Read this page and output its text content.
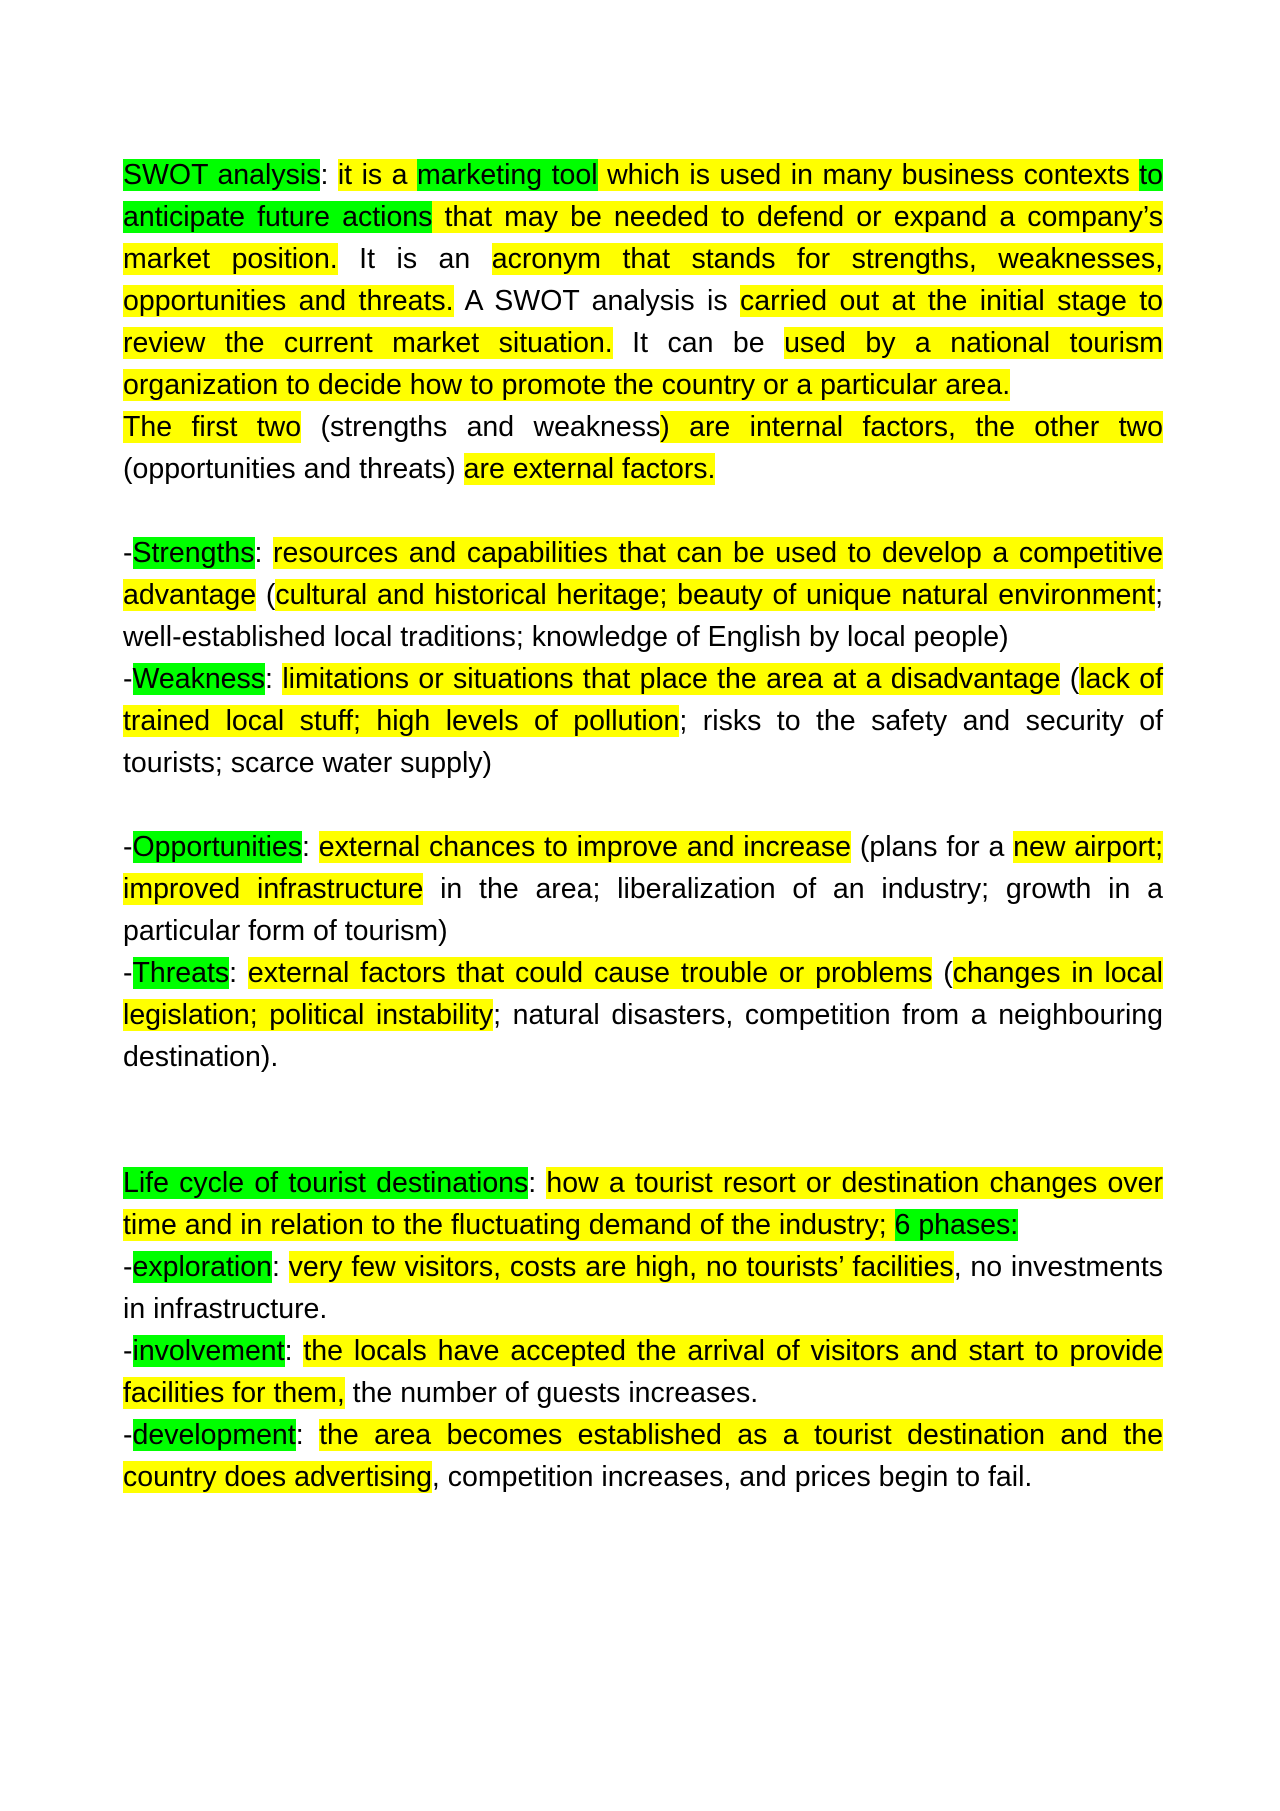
SWOT analysis: it is a marketing tool which is used in many business contexts to anticipate future actions that may be needed to defend or expand a company’s market position. It is an acronym that stands for strengths, weaknesses, opportunities and threats. A SWOT analysis is carried out at the initial stage to review the current market situation. It can be used by a national tourism organization to decide how to promote the country or a particular area.

The first two (strengths and weakness) are internal factors, the other two (opportunities and threats) are external factors.

-Strengths: resources and capabilities that can be used to develop a competitive advantage (cultural and historical heritage; beauty of unique natural environment; well-established local traditions; knowledge of English by local people)

-Weakness: limitations or situations that place the area at a disadvantage (lack of trained local stuff; high levels of pollution; risks to the safety and security of tourists; scarce water supply)

-Opportunities: external chances to improve and increase (plans for a new airport; improved infrastructure in the area; liberalization of an industry; growth in a particular form of tourism)

-Threats: external factors that could cause trouble or problems (changes in local legislation; political instability; natural disasters, competition from a neighbouring destination).

Life cycle of tourist destinations: how a tourist resort or destination changes over time and in relation to the fluctuating demand of the industry; 6 phases:

-exploration: very few visitors, costs are high, no tourists’ facilities, no investments in infrastructure.

-involvement: the locals have accepted the arrival of visitors and start to provide facilities for them, the number of guests increases.

-development: the area becomes established as a tourist destination and the country does advertising, competition increases, and prices begin to fail.
